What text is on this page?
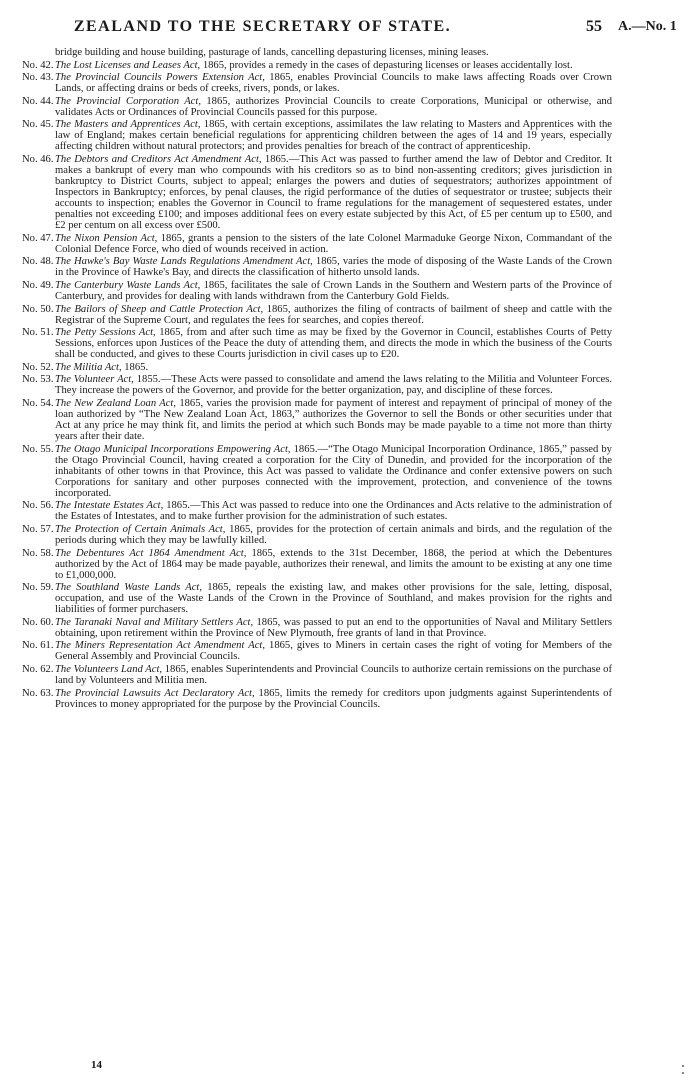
ZEALAND TO THE SECRETARY OF STATE.	55 A.—No. 1

bridge building and house building, pasturage of lands, cancelling depasturing licenses, mining leases.

No. 42. The Lost Licenses and Leases Act, 1865, provides a remedy in the cases of depasturing licenses or leases accidentally lost.

No. 43. The Provincial Councils Powers Extension Act, 1865, enables Provincial Councils to make laws affecting Roads over Crown Lands, or affecting drains or beds of creeks, rivers, ponds, or lakes.

No. 44. The Provincial Corporation Act, 1865, authorizes Provincial Councils to create Corporations, Municipal or otherwise, and validates Acts or Ordinances of Provincial Councils passed for this purpose.

No. 45. The Masters and Apprentices Act, 1865, with certain exceptions, assimilates the law relating to Masters and Apprentices with the law of England; makes certain beneficial regulations for apprenticing children between the ages of 14 and 19 years, especially affecting children without natural protectors; and provides penalties for breach of the contract of apprenticeship.

No. 46. The Debtors and Creditors Act Amendment Act, 1865.—This Act was passed to further amend the law of Debtor and Creditor. It makes a bankrupt of every man who compounds with his creditors so as to bind non-assenting creditors; gives jurisdiction in bankruptcy to District Courts, subject to appeal; enlarges the powers and duties of sequestrators; authorizes appointment of Inspectors in Bankruptcy; enforces, by penal clauses, the rigid performance of the duties of sequestrator or trustee; subjects their accounts to inspection; enables the Governor in Council to frame regulations for the management of sequestered estates, under penalties not exceeding £100; and imposes additional fees on every estate subjected by this Act, of £5 per centum up to £500, and £2 per centum on all excess over £500.

No. 47. The Nixon Pension Act, 1865, grants a pension to the sisters of the late Colonel Marmaduke George Nixon, Commandant of the Colonial Defence Force, who died of wounds received in action.

No. 48. The Hawke's Bay Waste Lands Regulations Amendment Act, 1865, varies the mode of disposing of the Waste Lands of the Crown in the Province of Hawke's Bay, and directs the classification of hitherto unsold lands.

No. 49. The Canterbury Waste Lands Act, 1865, facilitates the sale of Crown Lands in the Southern and Western parts of the Province of Canterbury, and provides for dealing with lands withdrawn from the Canterbury Gold Fields.

No. 50. The Bailors of Sheep and Cattle Protection Act, 1865, authorizes the filing of contracts of bailment of sheep and cattle with the Registrar of the Supreme Court, and regulates the fees for searches, and copies thereof.

No. 51. The Petty Sessions Act, 1865, from and after such time as may be fixed by the Governor in Council, establishes Courts of Petty Sessions, enforces upon Justices of the Peace the duty of attending them, and directs the mode in which the business of the Courts shall be conducted, and gives to these Courts jurisdiction in civil cases up to £20.

No. 52. The Militia Act, 1865.

No. 53. The Volunteer Act, 1855.—These Acts were passed to consolidate and amend the laws relating to the Militia and Volunteer Forces. They increase the powers of the Governor, and provide for the better organization, pay, and discipline of these forces.

No. 54. The New Zealand Loan Act, 1865, varies the provision made for payment of interest and repayment of principal of money of the loan authorized by “The New Zealand Loan Act, 1863,” authorizes the Governor to sell the Bonds or other securities under that Act at any price he may think fit, and limits the period at which such Bonds may be made payable to a time not more than thirty years after their date.

No. 55. The Otago Municipal Incorporations Empowering Act, 1865.—“The Otago Municipal Incorporation Ordinance, 1865,” passed by the Otago Provincial Council, having created a corporation for the City of Dunedin, and provided for the incorporation of the inhabitants of other towns in that Province, this Act was passed to validate the Ordinance and confer extensive powers on such Corporations for sanitary and other purposes connected with the improvement, protection, and convenience of the towns incorporated.

No. 56. The Intestate Estates Act, 1865.—This Act was passed to reduce into one the Ordinances and Acts relative to the administration of the Estates of Intestates, and to make further provision for the administration of such estates.

No. 57. The Protection of Certain Animals Act, 1865, provides for the protection of certain animals and birds, and the regulation of the periods during which they may be lawfully killed.

No. 58. The Debentures Act 1864 Amendment Act, 1865, extends to the 31st December, 1868, the period at which the Debentures authorized by the Act of 1864 may be made payable, authorizes their renewal, and limits the amount to be existing at any one time to £1,000,000.

No. 59. The Southland Waste Lands Act, 1865, repeals the existing law, and makes other provisions for the sale, letting, disposal, occupation, and use of the Waste Lands of the Crown in the Province of Southland, and makes provision for the rights and liabilities of former purchasers.

No. 60. The Taranaki Naval and Military Settlers Act, 1865, was passed to put an end to the opportunities of Naval and Military Settlers obtaining, upon retirement within the Province of New Plymouth, free grants of land in that Province.

No. 61. The Miners Representation Act Amendment Act, 1865, gives to Miners in certain cases the right of voting for Members of the General Assembly and Provincial Councils.

No. 62. The Volunteers Land Act, 1865, enables Superintendents and Provincial Councils to authorize certain remissions on the purchase of land by Volunteers and Militia men.

No. 63. The Provincial Lawsuits Act Declaratory Act, 1865, limits the remedy for creditors upon judgments against Superintendents of Provinces to money appropriated for the purpose by the Provincial Councils.

14
